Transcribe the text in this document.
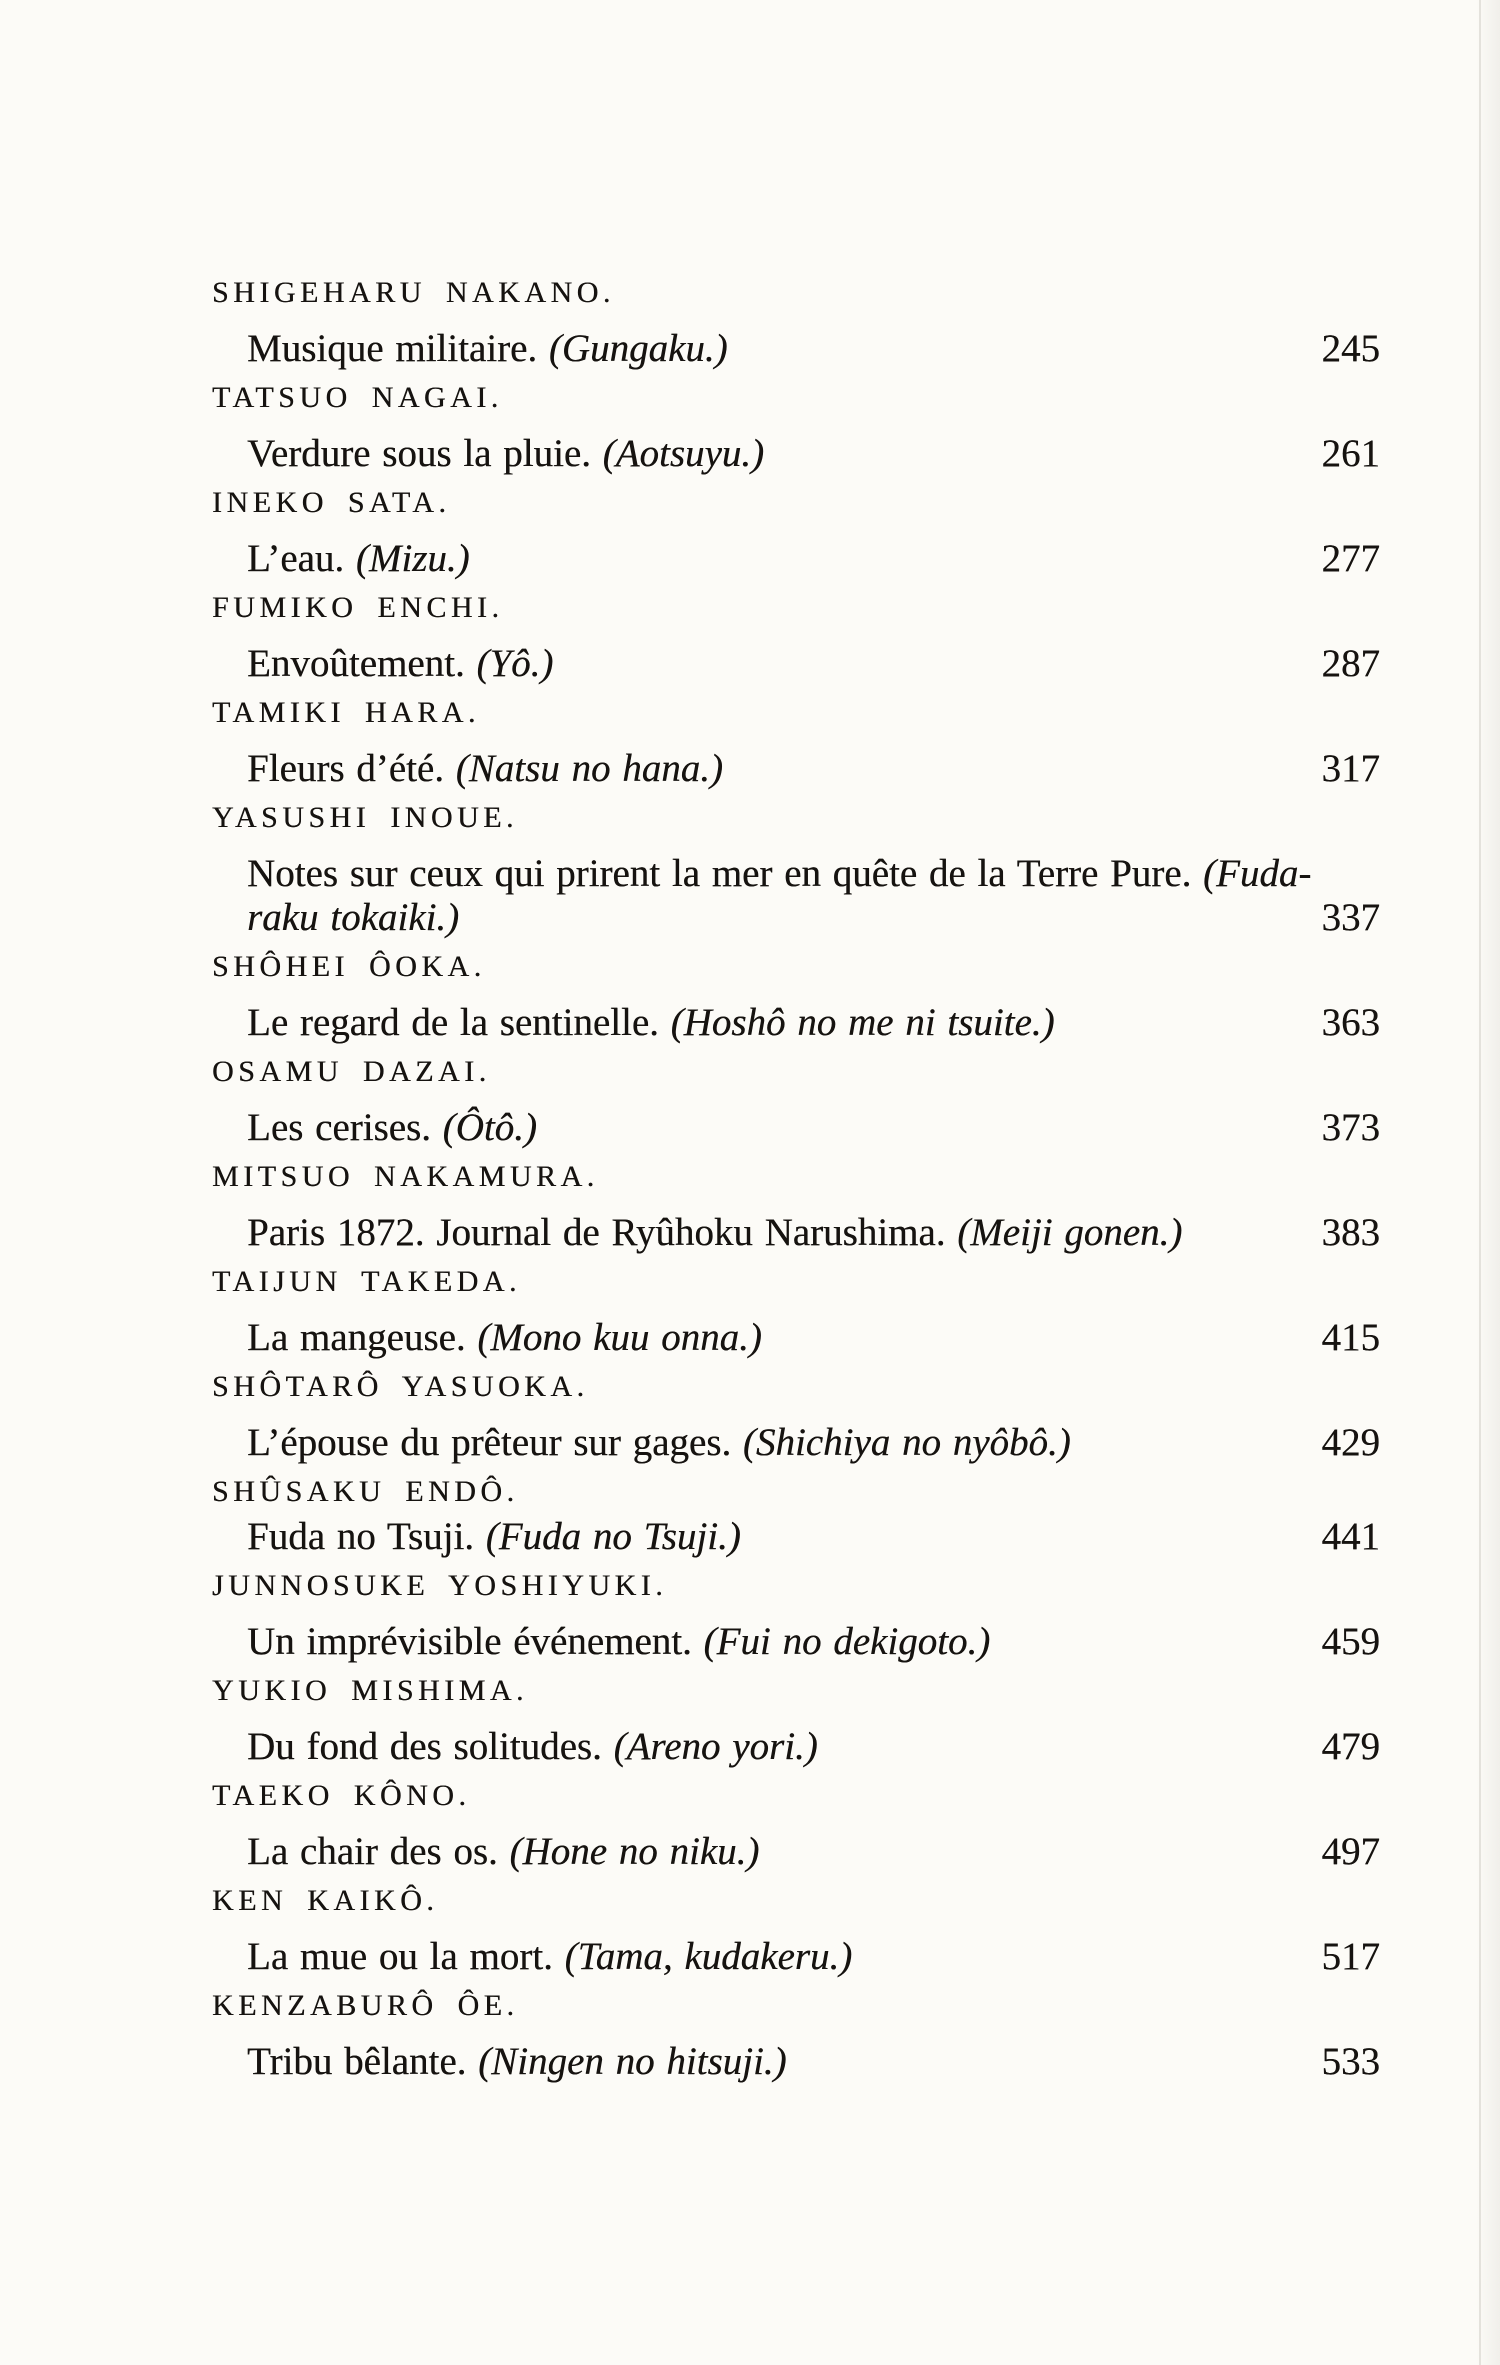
SHIGEHARU NAKANO.
Musique militaire. (Gungaku.)	245
TATSUO NAGAI.
Verdure sous la pluie. (Aotsuyu.)	261
INEKO SATA.
L’eau. (Mizu.)	277
FUMIKO ENCHI.
Envoûtement. (Yô.)	287
TAMIKI HARA.
Fleurs d’été. (Natsu no hana.)	317
YASUSHI INOUE.
Notes sur ceux qui prirent la mer en quête de la Terre Pure. (Fuda-
raku tokaiki.)	337
SHÔHEI ÔOKA.
Le regard de la sentinelle. (Hoshô no me ni tsuite.)	363
OSAMU DAZAI.
Les cerises. (Ôtô.)	373
MITSUO NAKAMURA.
Paris 1872. Journal de Ryûhoku Narushima. (Meiji gonen.)	383
TAIJUN TAKEDA.
La mangeuse. (Mono kuu onna.)	415
SHÔTARÔ YASUOKA.
L’épouse du prêteur sur gages. (Shichiya no nyôbô.)	429
SHÛSAKU ENDÔ.
Fuda no Tsuji. (Fuda no Tsuji.)	441
JUNNOSUKE YOSHIYUKI.
Un imprévisible événement. (Fui no dekigoto.)	459
YUKIO MISHIMA.
Du fond des solitudes. (Areno yori.)	479
TAEKO KÔNO.
La chair des os. (Hone no niku.)	497
KEN KAIKÔ.
La mue ou la mort. (Tama, kudakeru.)	517
KENZABURÔ ÔE.
Tribu bêlante. (Ningen no hitsuji.)	533
